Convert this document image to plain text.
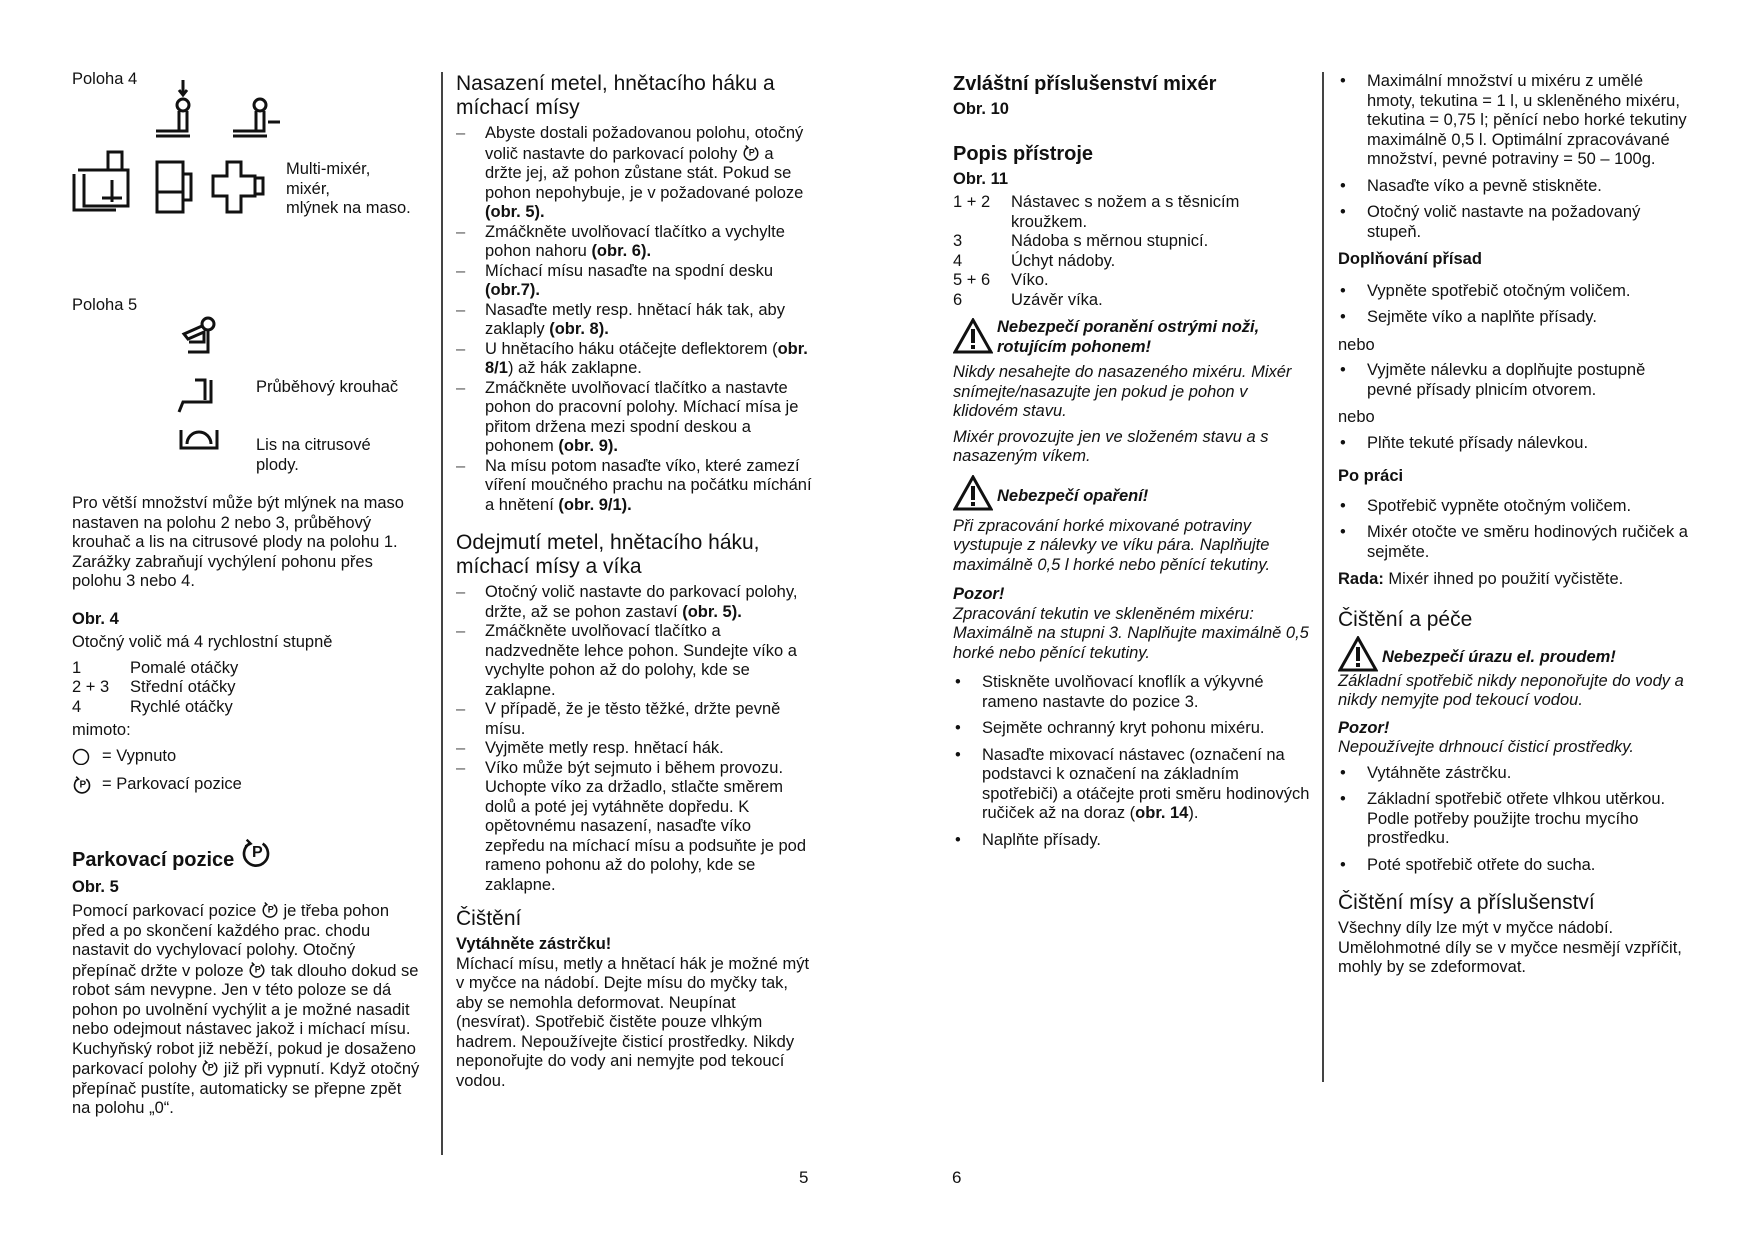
Poloha 4
Multi-mixér,
mixér,
mlýnek na maso.
Poloha 5
Průběhový krouhač
Lis na citrusové
plody.
Pro větší množství může být mlýnek na maso nastaven na polohu 2 nebo 3, průběhový krouhač a lis na citrusové plody na polohu 1.

Zarážky zabraňují vychýlení pohonu přes polohu 3 nebo 4.

Obr. 4

Otočný volič má 4 rychlostní stupně

1	Pomalé otáčky
2 + 3	Střední otáčky
4	Rychlé otáčky

mimoto:

= Vypnuto
= Parkovací pozice
Parkovací pozice
Obr. 5

Pomocí parkovací pozice  je třeba pohon před a po skončení každého prac. chodu nastavit do vychylovací polohy. Otočný přepínač držte v poloze  tak dlouho dokud se robot sám nevypne. Jen v této poloze se dá pohon po uvolnění vychýlit a je možné nasadit nebo odejmout nástavec jakož i míchací mísu. Kuchyňský robot již neběží, pokud je dosaženo parkovací polohy  již při vypnutí. Když otočný přepínač pustíte, automaticky se přepne zpět na polohu „0“.

Nasazení metel, hnětacího háku a míchací mísy
– Abyste dostali požadovanou polohu, otočný volič nastavte do parkovací polohy  a držte jej, až pohon zůstane stát. Pokud se pohon nepohybuje, je v požadované poloze (obr. 5).
– Zmáčkněte uvolňovací tlačítko a vychylte pohon nahoru (obr. 6).
– Míchací mísu nasaďte na spodní desku (obr.7).
– Nasaďte metly resp. hnětací hák tak, aby zaklaply (obr. 8).
– U hnětacího háku otáčejte deflektorem (obr. 8/1) až hák zaklapne.
– Zmáčkněte uvolňovací tlačítko a nastavte pohon do pracovní polohy. Míchací mísa je přitom držena mezi spodní deskou a pohonem (obr. 9).
– Na mísu potom nasaďte víko, které zamezí víření moučného prachu na počátku míchání a hnětení (obr. 9/1).
Odejmutí metel, hnětacího háku, míchací mísy a víka
– Otočný volič nastavte do parkovací polohy, držte, až se pohon zastaví (obr. 5).
– Zmáčkněte uvolňovací tlačítko a nadzvedněte lehce pohon. Sundejte víko a vychylte pohon až do polohy, kde se zaklapne.
– V případě, že je těsto těžké, držte pevně mísu.
– Vyjměte metly resp. hnětací hák.
– Víko může být sejmuto i během provozu. Uchopte víko za držadlo, stlačte směrem dolů a poté jej vytáhněte dopředu. K opětovnému nasazení, nasaďte víko zepředu na míchací mísu a podsuňte je pod rameno pohonu až do polohy, kde se zaklapne.
Čištění
Vytáhněte zástrčku!

Míchací mísu, metly a hnětací hák je možné mýt v myčce na nádobí. Dejte mísu do myčky tak, aby se nemohla deformovat. Neupínat (nesvírat). Spotřebič čistěte pouze vlhkým hadrem. Nepoužívejte čisticí prostředky. Nikdy neponořujte do vody ani nemyjte pod tekoucí vodou.

5	6
Zvláštní příslušenství mixér
Obr. 10
Popis přístroje
Obr. 11
1 + 2	Nástavec s nožem a s těsnicím kroužkem.
3	Nádoba s měrnou stupnicí.
4	Úchyt nádoby.
5 + 6	Víko.
6	Uzávěr víka.
Nebezpečí poranění ostrými noži, rotujícím pohonem!

Nikdy nesahejte do nasazeného mixéru. Mixér snímejte/nasazujte jen pokud je pohon v klidovém stavu.

Mixér provozujte jen ve složeném stavu a s nasazeným víkem.

Nebezpečí opaření!

Při zpracování horké mixované potraviny vystupuje z nálevky ve víku pára. Naplňujte maximálně 0,5 l horké nebo pěnící tekutiny.

Pozor!

Zpracování tekutin ve skleněném mixéru: Maximálně na stupni 3. Naplňujte maximálně 0,5 horké nebo pěnící tekutiny.

• Stiskněte uvolňovací knoflík a výkyvné rameno nastavte do pozice 3.
• Sejměte ochranný kryt pohonu mixéru.
• Nasaďte mixovací nástavec (označení na podstavci k označení na základním spotřebiči) a otáčejte proti směru hodinových ručiček až na doraz (obr. 14).
• Naplňte přísady.
• Maximální množství u mixéru z umělé hmoty, tekutina = 1 l, u skleněného mixéru, tekutina = 0,75 l; pěnící nebo horké tekutiny maximálně 0,5 l. Optimální zpracovávané množství, pevné potraviny = 50 – 100g.
• Nasaďte víko a pevně stiskněte.
• Otočný volič nastavte na požadovaný stupeň.
Doplňování přísad
• Vypněte spotřebič otočným voličem.
• Sejměte víko a naplňte přísady.

nebo

• Vyjměte nálevku a doplňujte postupně pevné přísady plnicím otvorem.

nebo

• Plňte tekuté přísady nálevkou.
Po práci
• Spotřebič vypněte otočným voličem.
• Mixér otočte ve směru hodinových ručiček a sejměte.

Rada: Mixér ihned po použití vyčistěte.

Čištění a péče
Nebezpečí úrazu el. proudem!

Základní spotřebič nikdy neponořujte do vody a nikdy nemyjte pod tekoucí vodou.

Pozor!

Nepoužívejte drhnoucí čisticí prostředky.

• Vytáhněte zástrčku.
• Základní spotřebič otřete vlhkou utěrkou. Podle potřeby použijte trochu mycího prostředku.
• Poté spotřebič otřete do sucha.
Čištění mísy a příslušenství

Všechny díly lze mýt v myčce nádobí. Umělohmotné díly se v myčce nesmějí vzpříčit, mohly by se zdeformovat.
